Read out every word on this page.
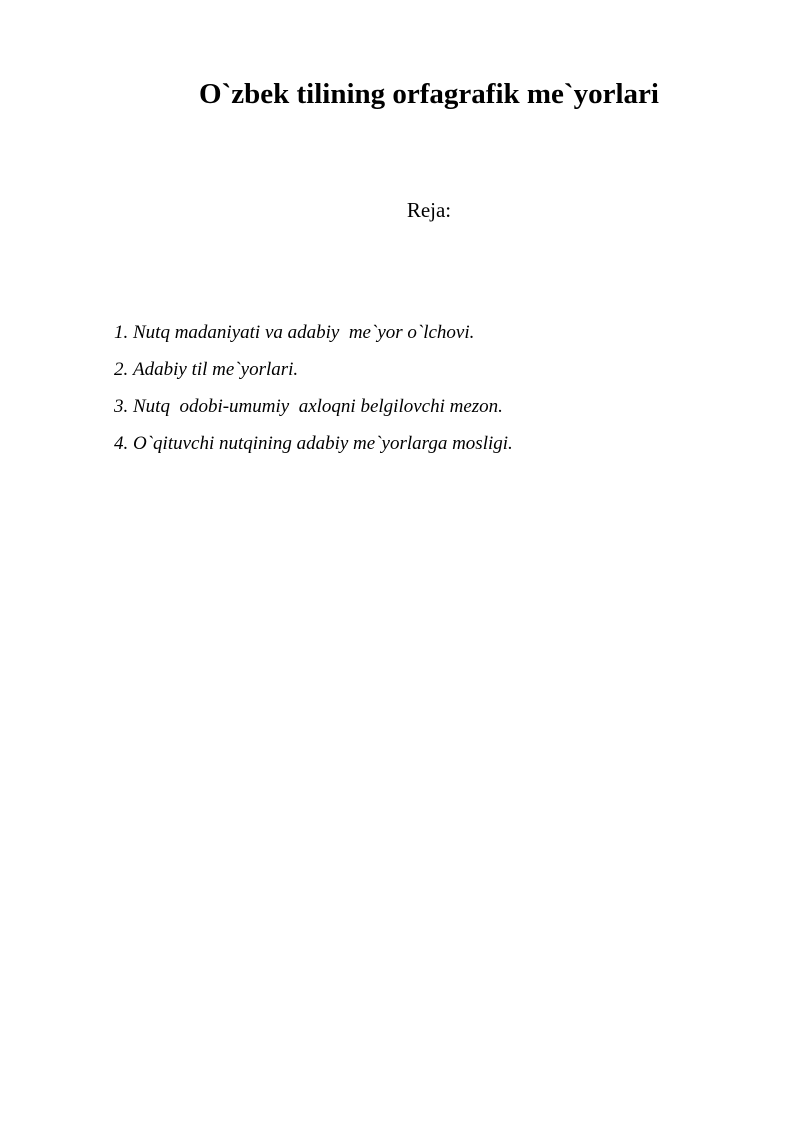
O`zbek tilining orfagrafik me`yorlari
Reja:
1. Nutq madaniyati va adabiy  me`yor o`lchovi.
2. Adabiy til me`yorlari.
3. Nutq  odobi-umumiy  axloqni belgilovchi mezon.
4. O`qituvchi nutqining adabiy me`yorlarga mosligi.
